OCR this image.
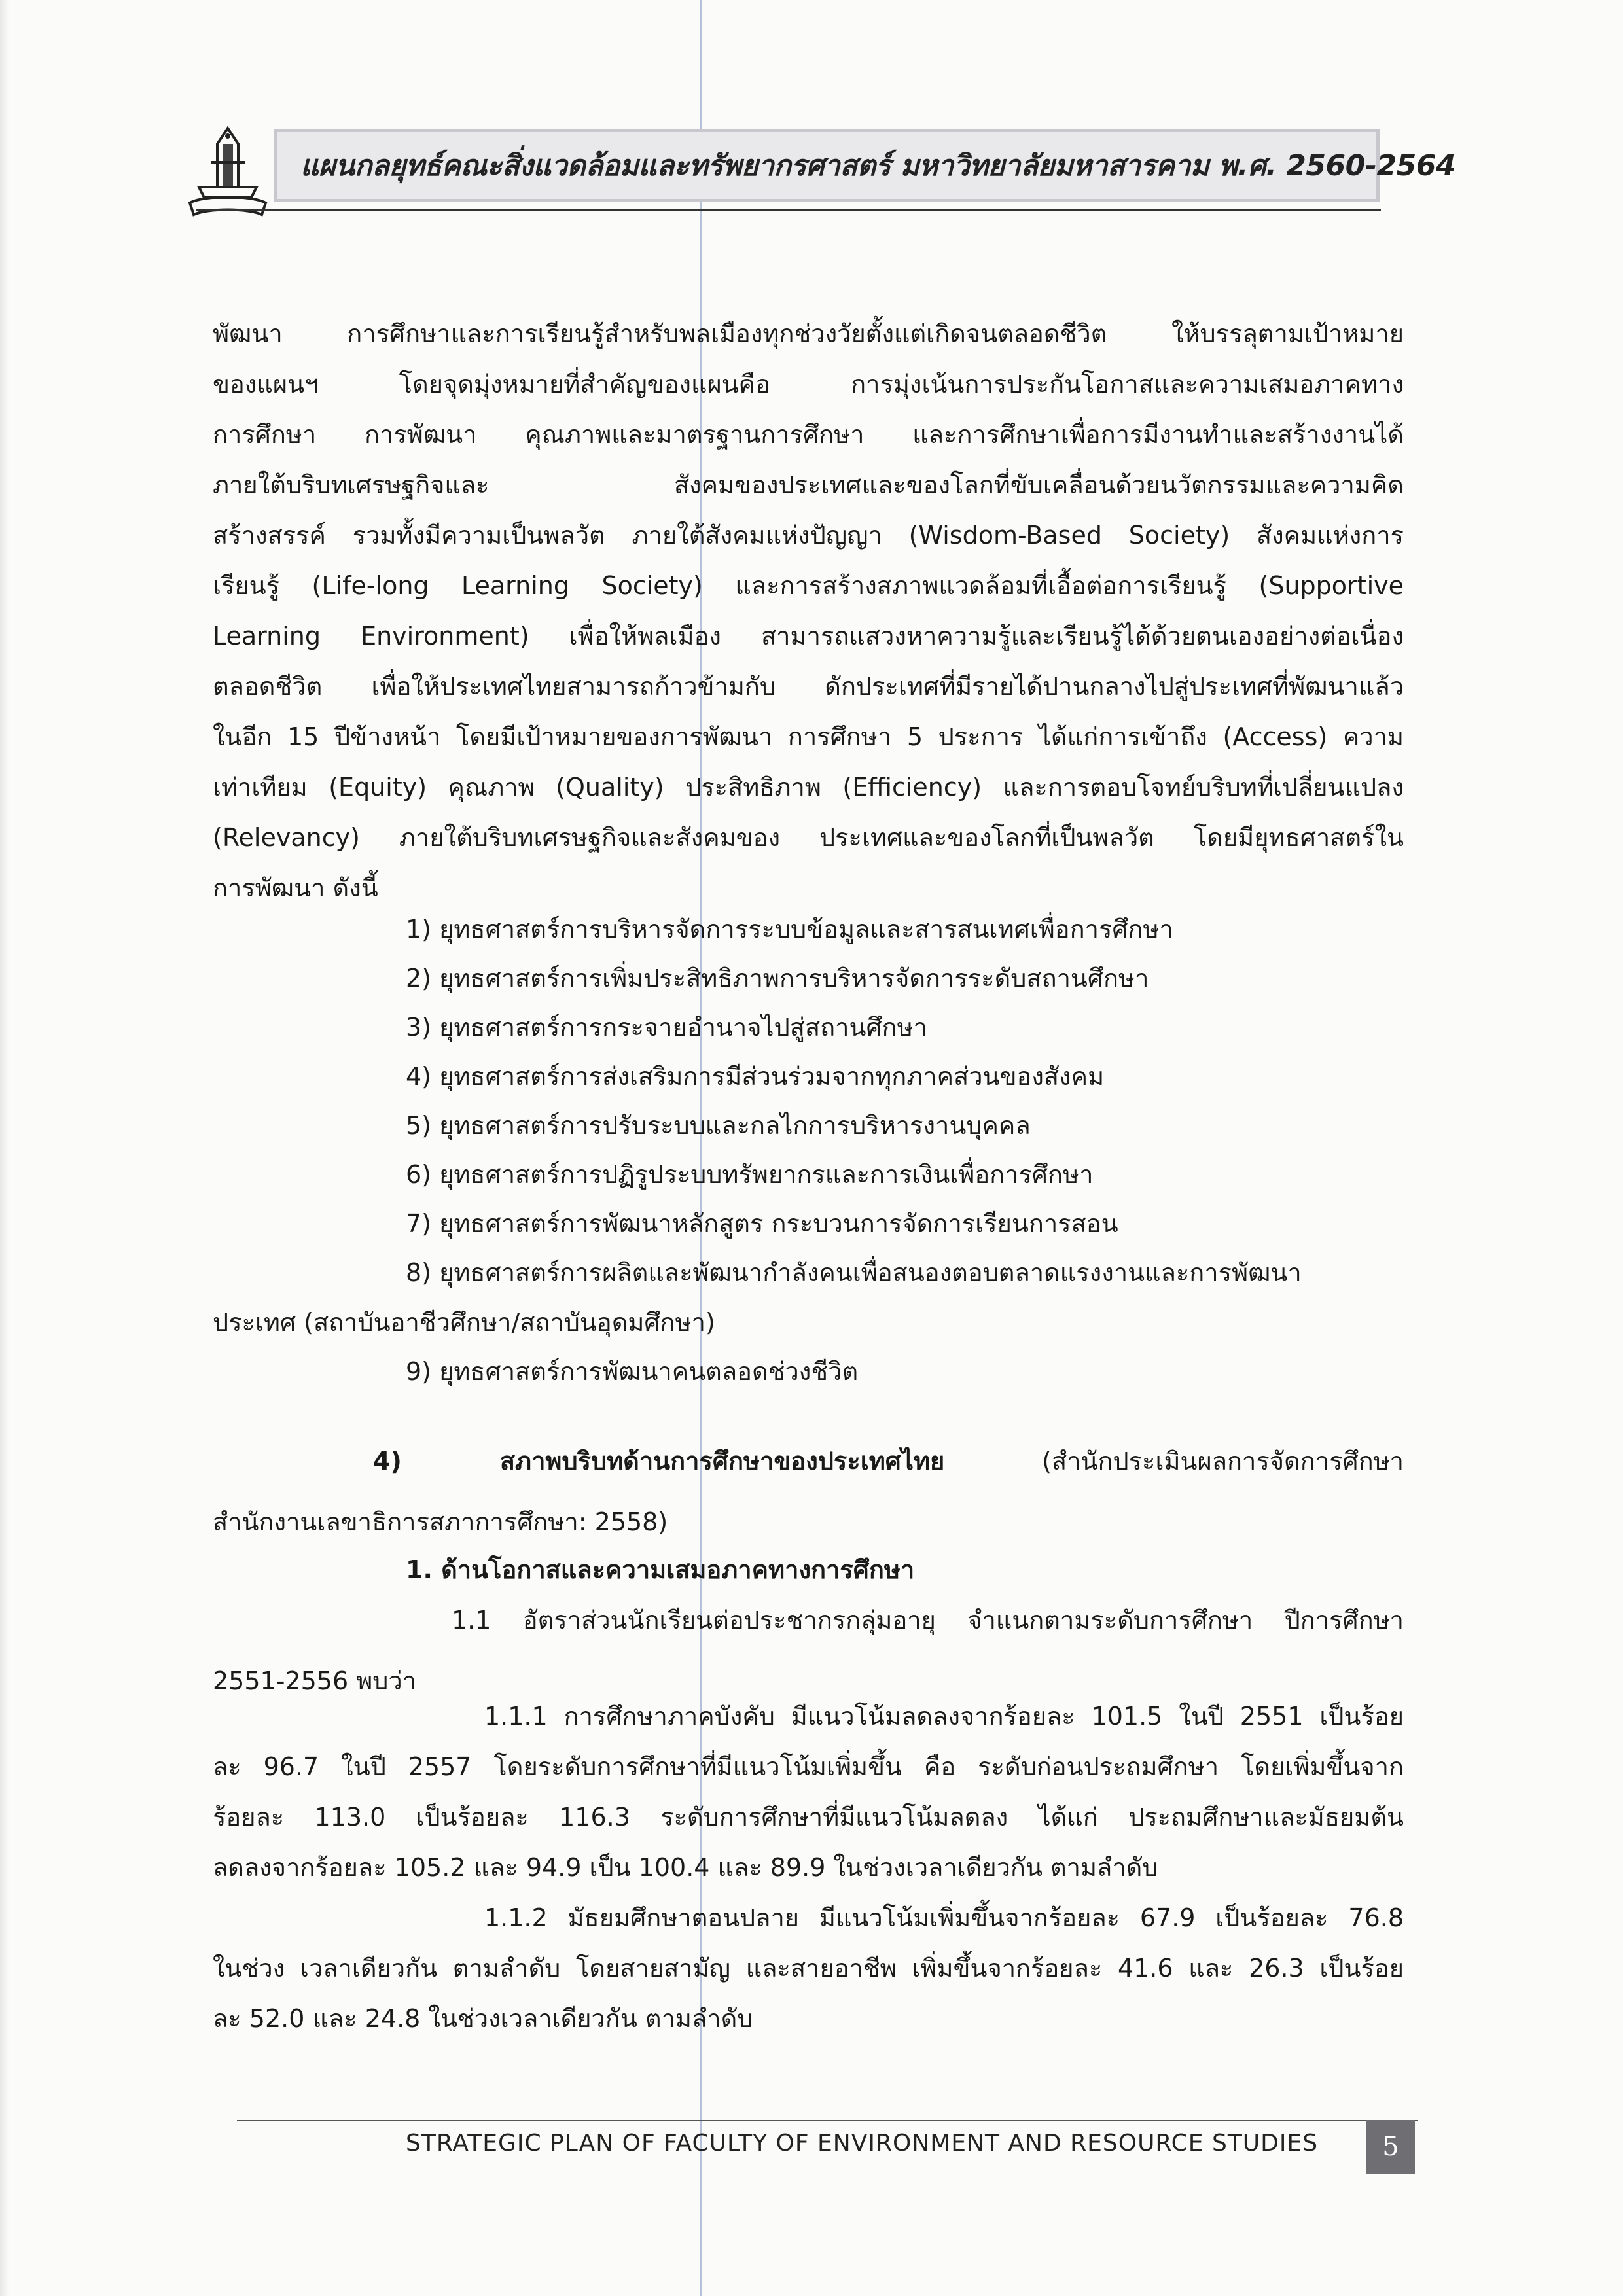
แผนกลยุทธ์คณะสิ่งแวดล้อมและทรัพยากรศาสตร์ มหาวิทยาลัยมหาสารคาม พ.ศ. 2560-2564
พัฒนา การศึกษาและการเรียนรู้สำหรับพลเมืองทุกช่วงวัยตั้งแต่เกิดจนตลอดชีวิต ให้บรรลุตามเป้าหมาย
ของแผนฯ โดยจุดมุ่งหมายที่สำคัญของแผนคือ การมุ่งเน้นการประกันโอกาสและความเสมอภาคทาง
การศึกษา การพัฒนา คุณภาพและมาตรฐานการศึกษา และการศึกษาเพื่อการมีงานทำและสร้างงานได้
ภายใต้บริบทเศรษฐกิจและ สังคมของประเทศและของโลกที่ขับเคลื่อนด้วยนวัตกรรมและความคิด
สร้างสรรค์ รวมทั้งมีความเป็นพลวัต ภายใต้สังคมแห่งปัญญา (Wisdom-Based Society) สังคมแห่งการ
เรียนรู้ (Life-long Learning Society) และการสร้างสภาพแวดล้อมที่เอื้อต่อการเรียนรู้ (Supportive
Learning Environment) เพื่อให้พลเมือง สามารถแสวงหาความรู้และเรียนรู้ได้ด้วยตนเองอย่างต่อเนื่อง
ตลอดชีวิต เพื่อให้ประเทศไทยสามารถก้าวข้ามกับ ดักประเทศที่มีรายได้ปานกลางไปสู่ประเทศที่พัฒนาแล้ว
ในอีก 15 ปีข้างหน้า โดยมีเป้าหมายของการพัฒนา การศึกษา 5 ประการ ได้แก่การเข้าถึง (Access) ความ
เท่าเทียม (Equity) คุณภาพ (Quality) ประสิทธิภาพ (Efficiency) และการตอบโจทย์บริบทที่เปลี่ยนแปลง
(Relevancy) ภายใต้บริบทเศรษฐกิจและสังคมของ ประเทศและของโลกที่เป็นพลวัต โดยมียุทธศาสตร์ใน
การพัฒนา ดังนี้
1) ยุทธศาสตร์การบริหารจัดการระบบข้อมูลและสารสนเทศเพื่อการศึกษา
2) ยุทธศาสตร์การเพิ่มประสิทธิภาพการบริหารจัดการระดับสถานศึกษา
3) ยุทธศาสตร์การกระจายอำนาจไปสู่สถานศึกษา
4) ยุทธศาสตร์การส่งเสริมการมีส่วนร่วมจากทุกภาคส่วนของสังคม
5) ยุทธศาสตร์การปรับระบบและกลไกการบริหารงานบุคคล
6) ยุทธศาสตร์การปฏิรูประบบทรัพยากรและการเงินเพื่อการศึกษา
7) ยุทธศาสตร์การพัฒนาหลักสูตร กระบวนการจัดการเรียนการสอน
8) ยุทธศาสตร์การผลิตและพัฒนากำลังคนเพื่อสนองตอบตลาดแรงงานและการพัฒนา
ประเทศ (สถาบันอาชีวศึกษา/สถาบันอุดมศึกษา)
9) ยุทธศาสตร์การพัฒนาคนตลอดช่วงชีวิต
4) สภาพบริบทด้านการศึกษาของประเทศไทย (สำนักประเมินผลการจัดการศึกษา
สำนักงานเลขาธิการสภาการศึกษา: 2558)
1. ด้านโอกาสและความเสมอภาคทางการศึกษา
1.1 อัตราส่วนนักเรียนต่อประชากรกลุ่มอายุ จำแนกตามระดับการศึกษา ปีการศึกษา
2551-2556 พบว่า
1.1.1 การศึกษาภาคบังคับ มีแนวโน้มลดลงจากร้อยละ 101.5 ในปี 2551 เป็นร้อย
ละ 96.7 ในปี 2557 โดยระดับการศึกษาที่มีแนวโน้มเพิ่มขึ้น คือ ระดับก่อนประถมศึกษา โดยเพิ่มขึ้นจาก
ร้อยละ 113.0 เป็นร้อยละ 116.3 ระดับการศึกษาที่มีแนวโน้มลดลง ได้แก่ ประถมศึกษาและมัธยมต้น
ลดลงจากร้อยละ 105.2 และ 94.9 เป็น 100.4 และ 89.9 ในช่วงเวลาเดียวกัน ตามลำดับ
1.1.2 มัธยมศึกษาตอนปลาย มีแนวโน้มเพิ่มขึ้นจากร้อยละ 67.9 เป็นร้อยละ 76.8
ในช่วง เวลาเดียวกัน ตามลำดับ โดยสายสามัญ และสายอาชีพ เพิ่มขึ้นจากร้อยละ 41.6 และ 26.3 เป็นร้อย
ละ 52.0 และ 24.8 ในช่วงเวลาเดียวกัน ตามลำดับ
STRATEGIC PLAN OF FACULTY OF ENVIRONMENT AND RESOURCE STUDIES	5
